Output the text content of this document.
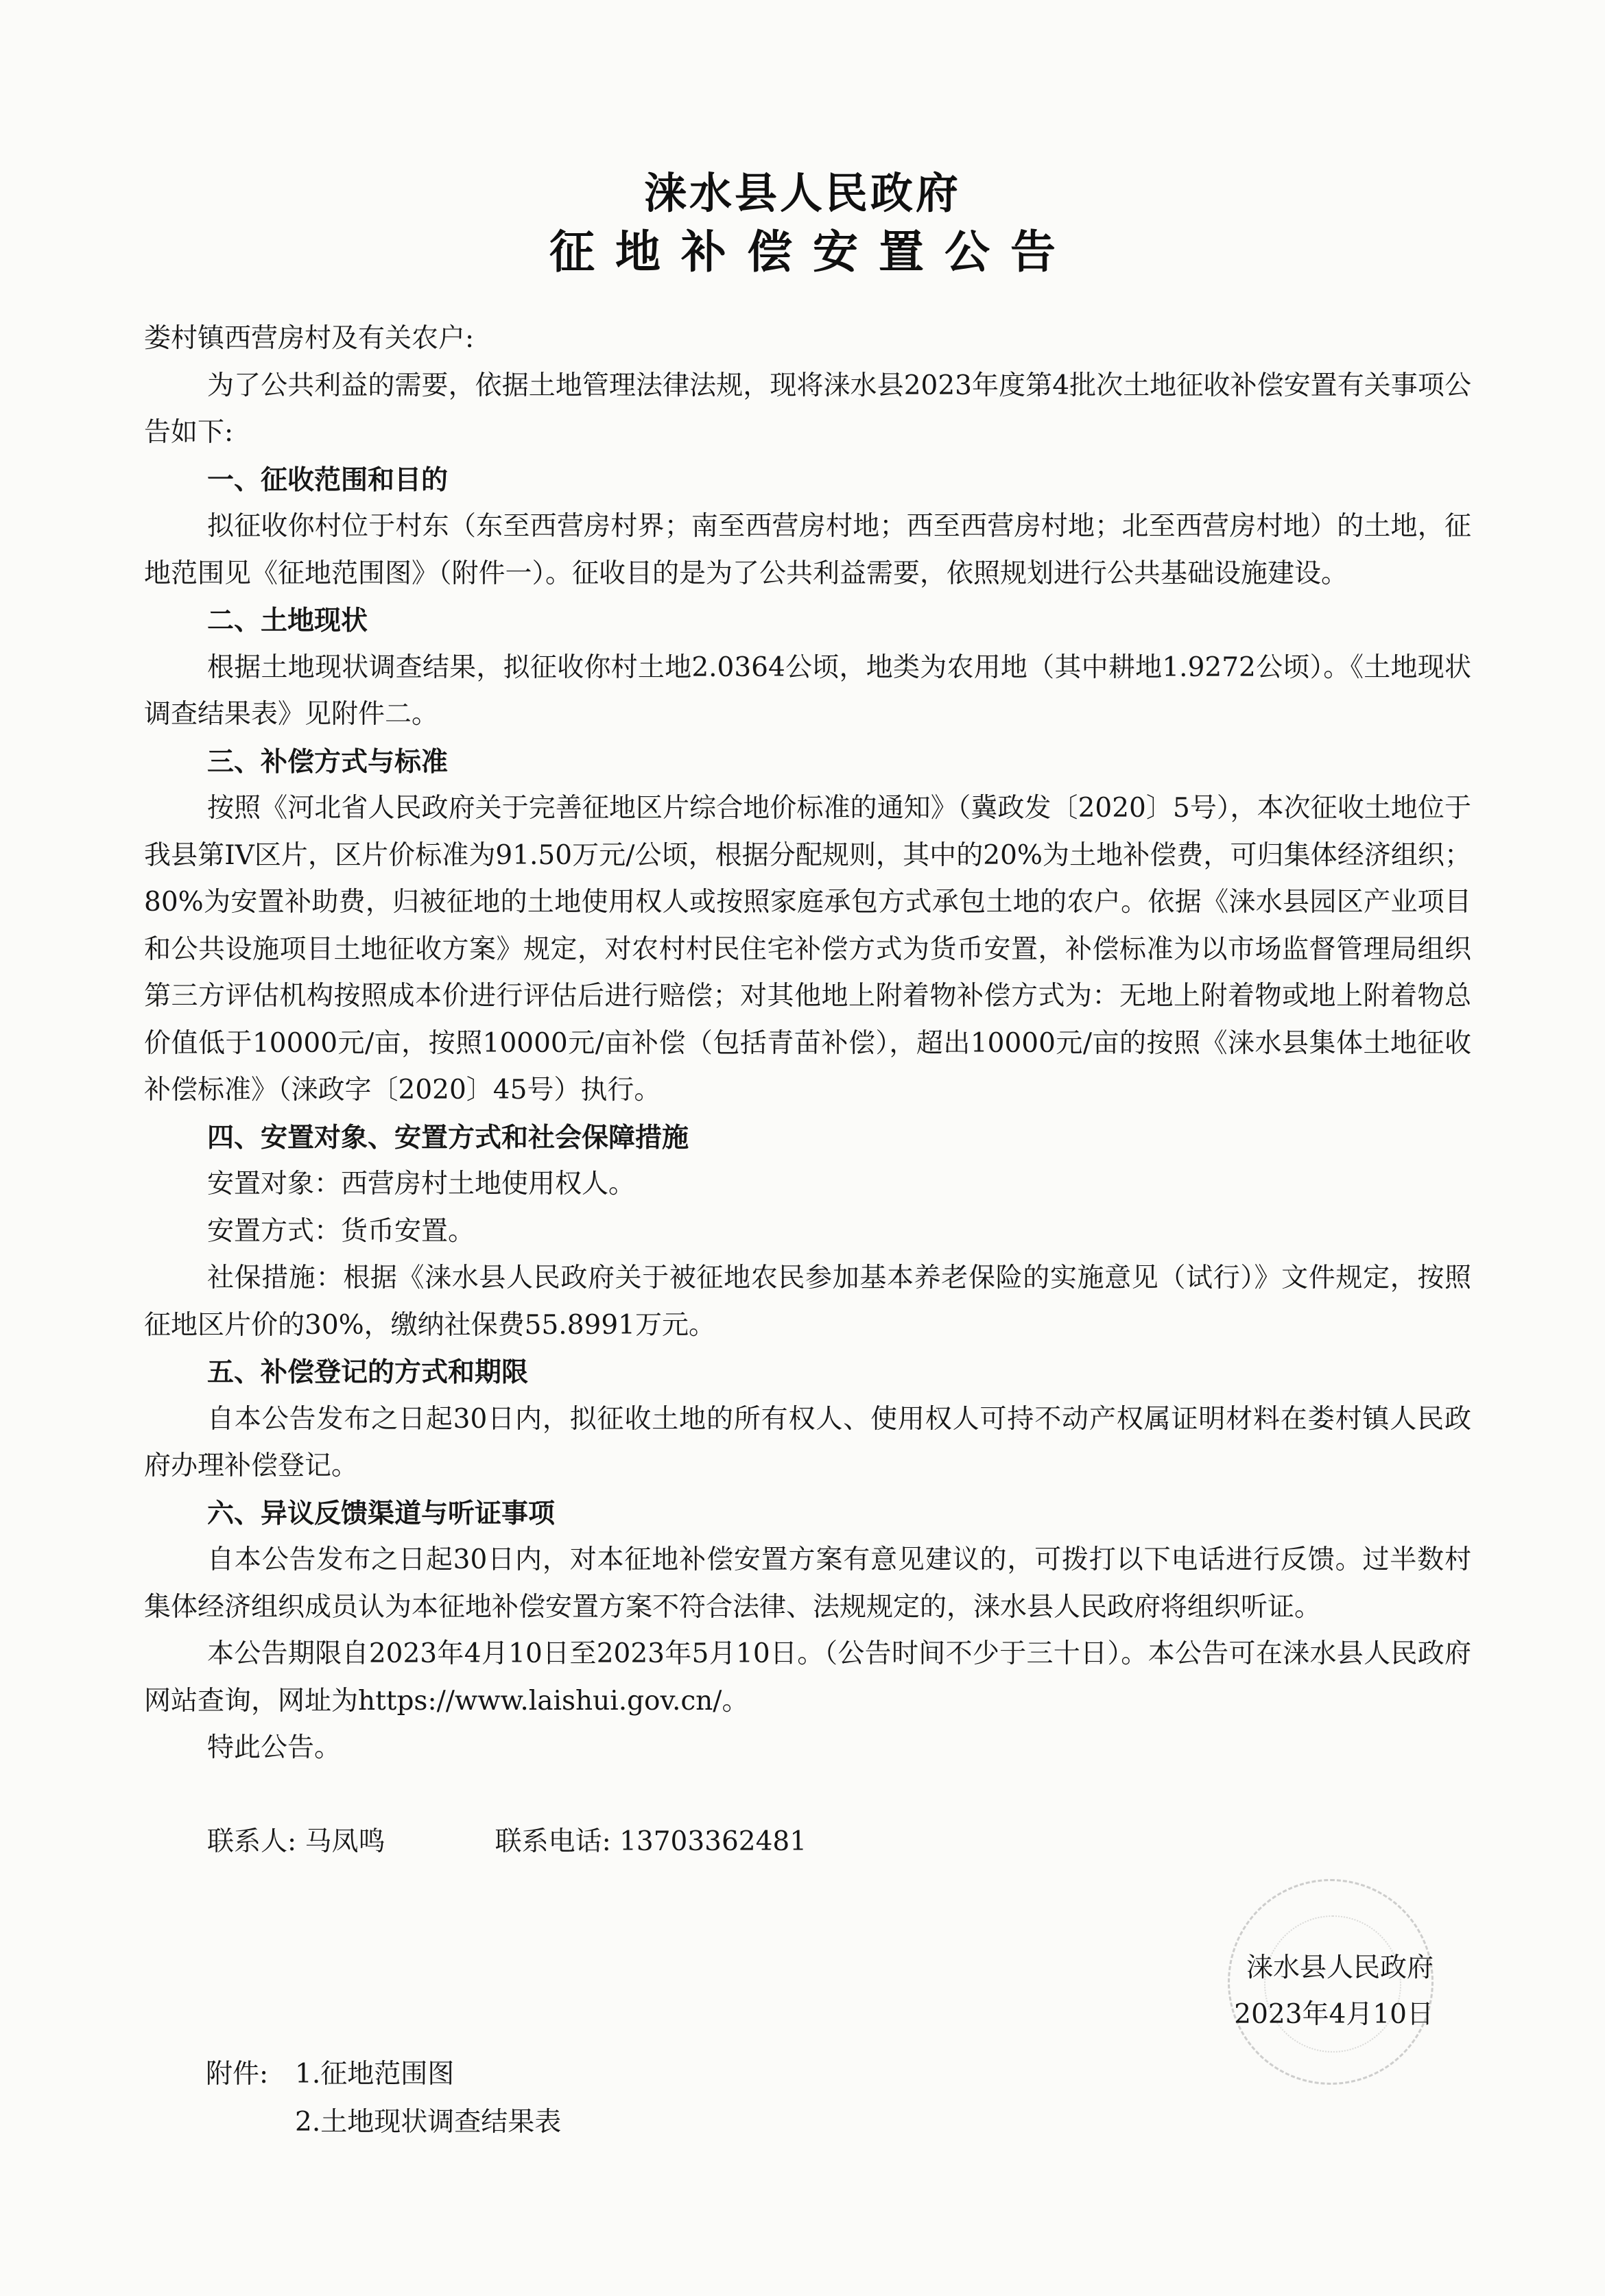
涞水县人民政府
征地补偿安置公告

娄村镇西营房村及有关农户:

为了公共利益的需要，依据土地管理法律法规，现将涞水县2023年度第4批次土地征收补偿安置有关事项公告如下:

一、征收范围和目的

拟征收你村位于村东（东至西营房村界；南至西营房村地；西至西营房村地；北至西营房村地）的土地，征地范围见《征地范围图》（附件一）。征收目的是为了公共利益需要，依照规划进行公共基础设施建设。

二、土地现状

根据土地现状调查结果，拟征收你村土地2.0364公顷，地类为农用地（其中耕地1.9272公顷）。《土地现状调查结果表》见附件二。

三、补偿方式与标准

按照《河北省人民政府关于完善征地区片综合地价标准的通知》（冀政发〔2020〕5号），本次征收土地位于我县第IV区片，区片价标准为91.50万元/公顷，根据分配规则，其中的20%为土地补偿费，可归集体经济组织；80%为安置补助费，归被征地的土地使用权人或按照家庭承包方式承包土地的农户。依据《涞水县园区产业项目和公共设施项目土地征收方案》规定，对农村村民住宅补偿方式为货币安置，补偿标准为以市场监督管理局组织第三方评估机构按照成本价进行评估后进行赔偿；对其他地上附着物补偿方式为：无地上附着物或地上附着物总价值低于10000元/亩，按照10000元/亩补偿（包括青苗补偿），超出10000元/亩的按照《涞水县集体土地征收补偿标准》（涞政字〔2020〕45号）执行。

四、安置对象、安置方式和社会保障措施

安置对象：西营房村土地使用权人。

安置方式：货币安置。

社保措施：根据《涞水县人民政府关于被征地农民参加基本养老保险的实施意见（试行）》文件规定，按照征地区片价的30%，缴纳社保费55.8991万元。

五、补偿登记的方式和期限

自本公告发布之日起30日内，拟征收土地的所有权人、使用权人可持不动产权属证明材料在娄村镇人民政府办理补偿登记。

六、异议反馈渠道与听证事项

自本公告发布之日起30日内，对本征地补偿安置方案有意见建议的，可拨打以下电话进行反馈。过半数村集体经济组织成员认为本征地补偿安置方案不符合法律、法规规定的，涞水县人民政府将组织听证。

本公告期限自2023年4月10日至2023年5月10日。（公告时间不少于三十日）。本公告可在涞水县人民政府网站查询，网址为https://www.laishui.gov.cn/。

特此公告。

联系人: 马凤鸣	联系电话: 13703362481

涞水县人民政府
2023年4月10日
附件: 1.征地范围图
2.土地现状调查结果表
